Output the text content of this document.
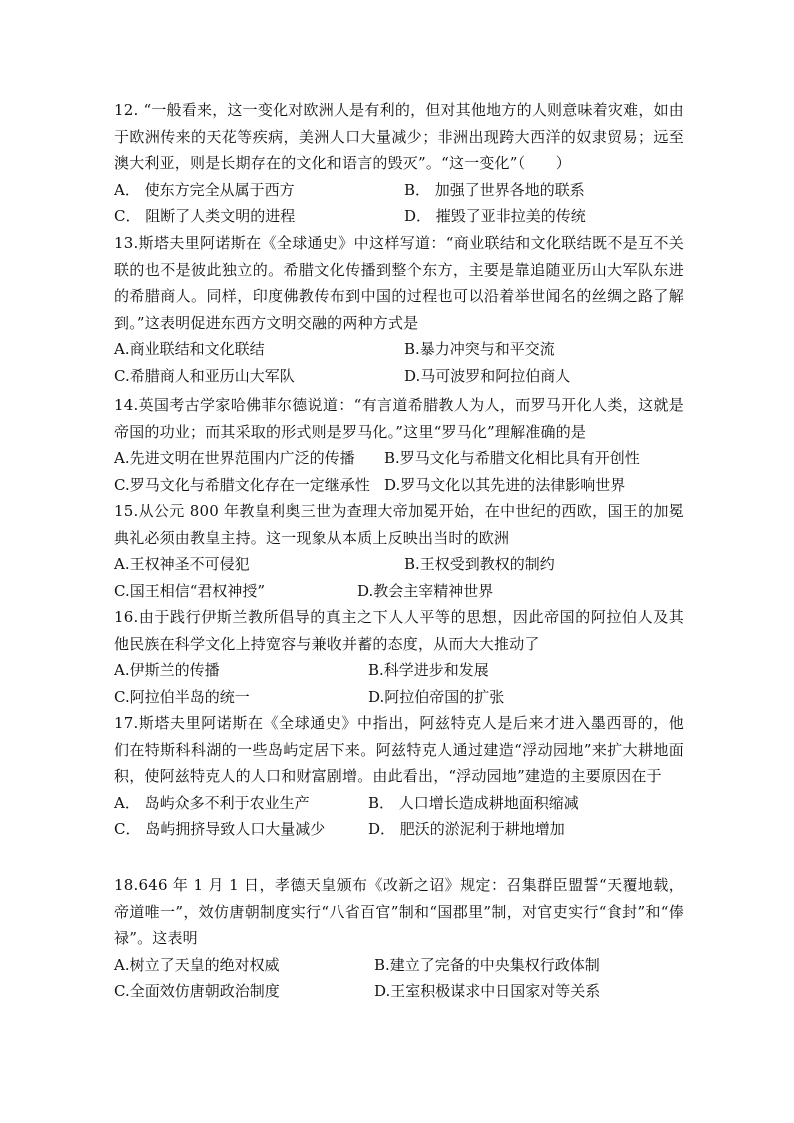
12. “一般看来，这一变化对欧洲人是有利的，但对其他地方的人则意味着灾难，如由于欧洲传来的天花等疾病，美洲人口大量减少；非洲出现跨大西洋的奴隶贸易；远至澳大利亚，则是长期存在的文化和语言的毁灭”。“这一变化”（　　）

A． 使东方完全从属于西方	B． 加强了世界各地的联系
C． 阻断了人类文明的进程	D． 摧毁了亚非拉美的传统

13.斯塔夫里阿诺斯在《全球通史》中这样写道：“商业联结和文化联结既不是互不关联的也不是彼此独立的。希腊文化传播到整个东方，主要是靠追随亚历山大军队东进的希腊商人。同样，印度佛教传布到中国的过程也可以沿着举世闻名的丝绸之路了解到。”这表明促进东西方文明交融的两种方式是

A.商业联结和文化联结	B.暴力冲突与和平交流
C.希腊商人和亚历山大军队	D.马可波罗和阿拉伯商人

14.英国考古学家哈佛菲尔德说道：“有言道希腊教人为人，而罗马开化人类，这就是帝国的功业；而其采取的形式则是罗马化。”这里“罗马化”理解准确的是

A.先进文明在世界范围内广泛的传播 B.罗马文化与希腊文化相比具有开创性
C.罗马文化与希腊文化存在一定继承性 D.罗马文化以其先进的法律影响世界

15.从公元 800 年教皇利奥三世为查理大帝加冕开始，在中世纪的西欧，国王的加冕典礼必须由教皇主持。这一现象从本质上反映出当时的欧洲

A.王权神圣不可侵犯	B.王权受到教权的制约
C.国王相信“君权神授”	D.教会主宰精神世界

16.由于践行伊斯兰教所倡导的真主之下人人平等的思想，因此帝国的阿拉伯人及其他民族在科学文化上持宽容与兼收并蓄的态度，从而大大推动了

A.伊斯兰的传播	B.科学进步和发展
C.阿拉伯半岛的统一	D.阿拉伯帝国的扩张

17.斯塔夫里阿诺斯在《全球通史》中指出，阿兹特克人是后来才进入墨西哥的，他们在特斯科科湖的一些岛屿定居下来。阿兹特克人通过建造“浮动园地”来扩大耕地面积，使阿兹特克人的人口和财富剧增。由此看出，“浮动园地”建造的主要原因在于

A． 岛屿众多不利于农业生产	B． 人口增长造成耕地面积缩减
C． 岛屿拥挤导致人口大量减少	D． 肥沃的淤泥利于耕地增加

18.646 年 1 月 1 日，孝德天皇颁布《改新之诏》规定：召集群臣盟誓“天覆地载，帝道唯一”，效仿唐朝制度实行“八省百官”制和“国郡里”制，对官吏实行“食封”和“俸禄”。这表明

A.树立了天皇的绝对权威	B.建立了完备的中央集权行政体制
C.全面效仿唐朝政治制度	D.王室积极谋求中日国家对等关系
